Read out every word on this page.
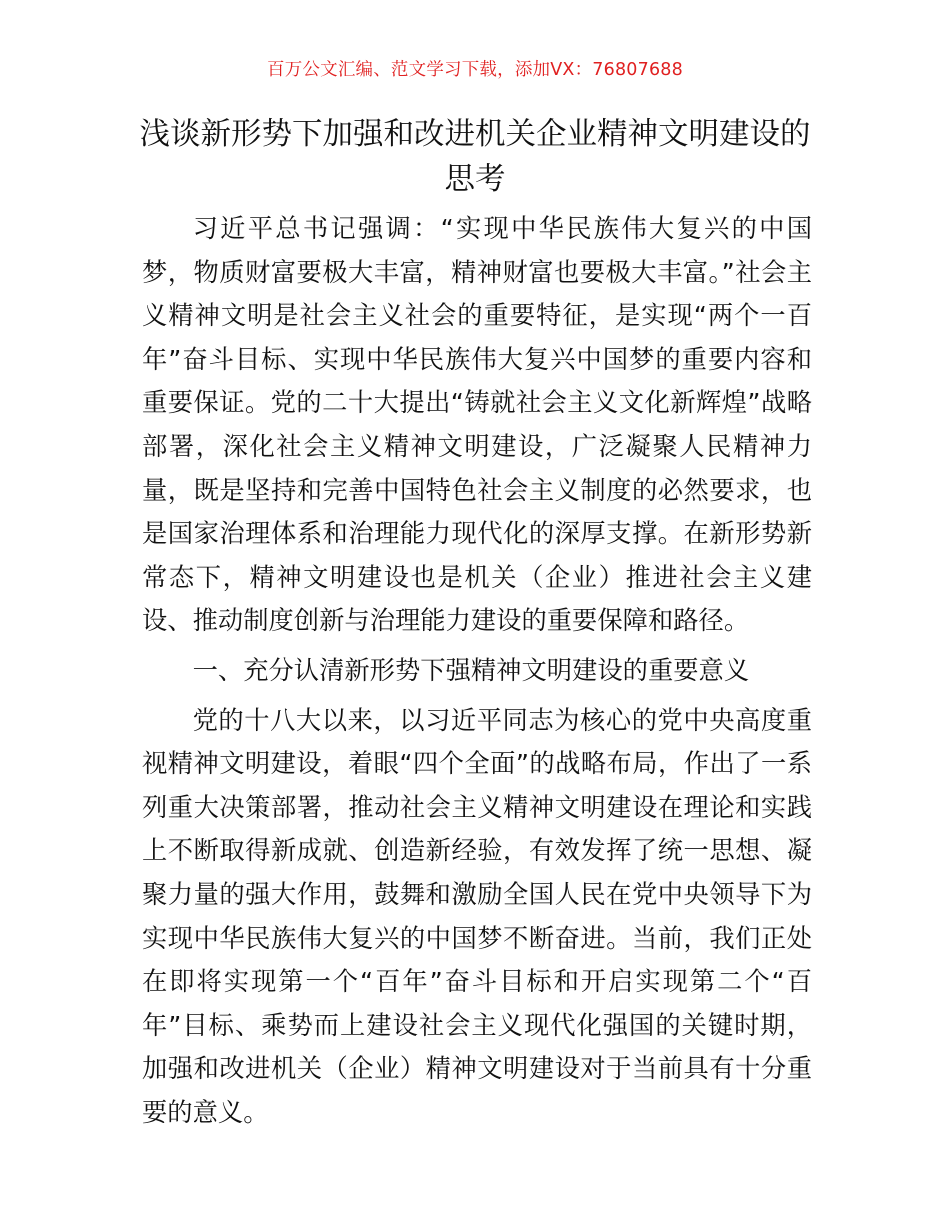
百万公文汇编、范文学习下载，添加VX：76807688
浅谈新形势下加强和改进机关企业精神文明建设的思考

习近平总书记强调：“实现中华民族伟大复兴的中国梦，物质财富要极大丰富，精神财富也要极大丰富。”社会主义精神文明是社会主义社会的重要特征，是实现“两个一百年”奋斗目标、实现中华民族伟大复兴中国梦的重要内容和重要保证。党的二十大提出“铸就社会主义文化新辉煌”战略部署，深化社会主义精神文明建设，广泛凝聚人民精神力量，既是坚持和完善中国特色社会主义制度的必然要求，也是国家治理体系和治理能力现代化的深厚支撑。在新形势新常态下，精神文明建设也是机关（企业）推进社会主义建设、推动制度创新与治理能力建设的重要保障和路径。

一、充分认清新形势下强精神文明建设的重要意义

党的十八大以来，以习近平同志为核心的党中央高度重视精神文明建设，着眼“四个全面”的战略布局，作出了一系列重大决策部署，推动社会主义精神文明建设在理论和实践上不断取得新成就、创造新经验，有效发挥了统一思想、凝聚力量的强大作用，鼓舞和激励全国人民在党中央领导下为实现中华民族伟大复兴的中国梦不断奋进。当前，我们正处在即将实现第一个“百年”奋斗目标和开启实现第二个“百年”目标、乘势而上建设社会主义现代化强国的关键时期，加强和改进机关（企业）精神文明建设对于当前具有十分重要的意义。
